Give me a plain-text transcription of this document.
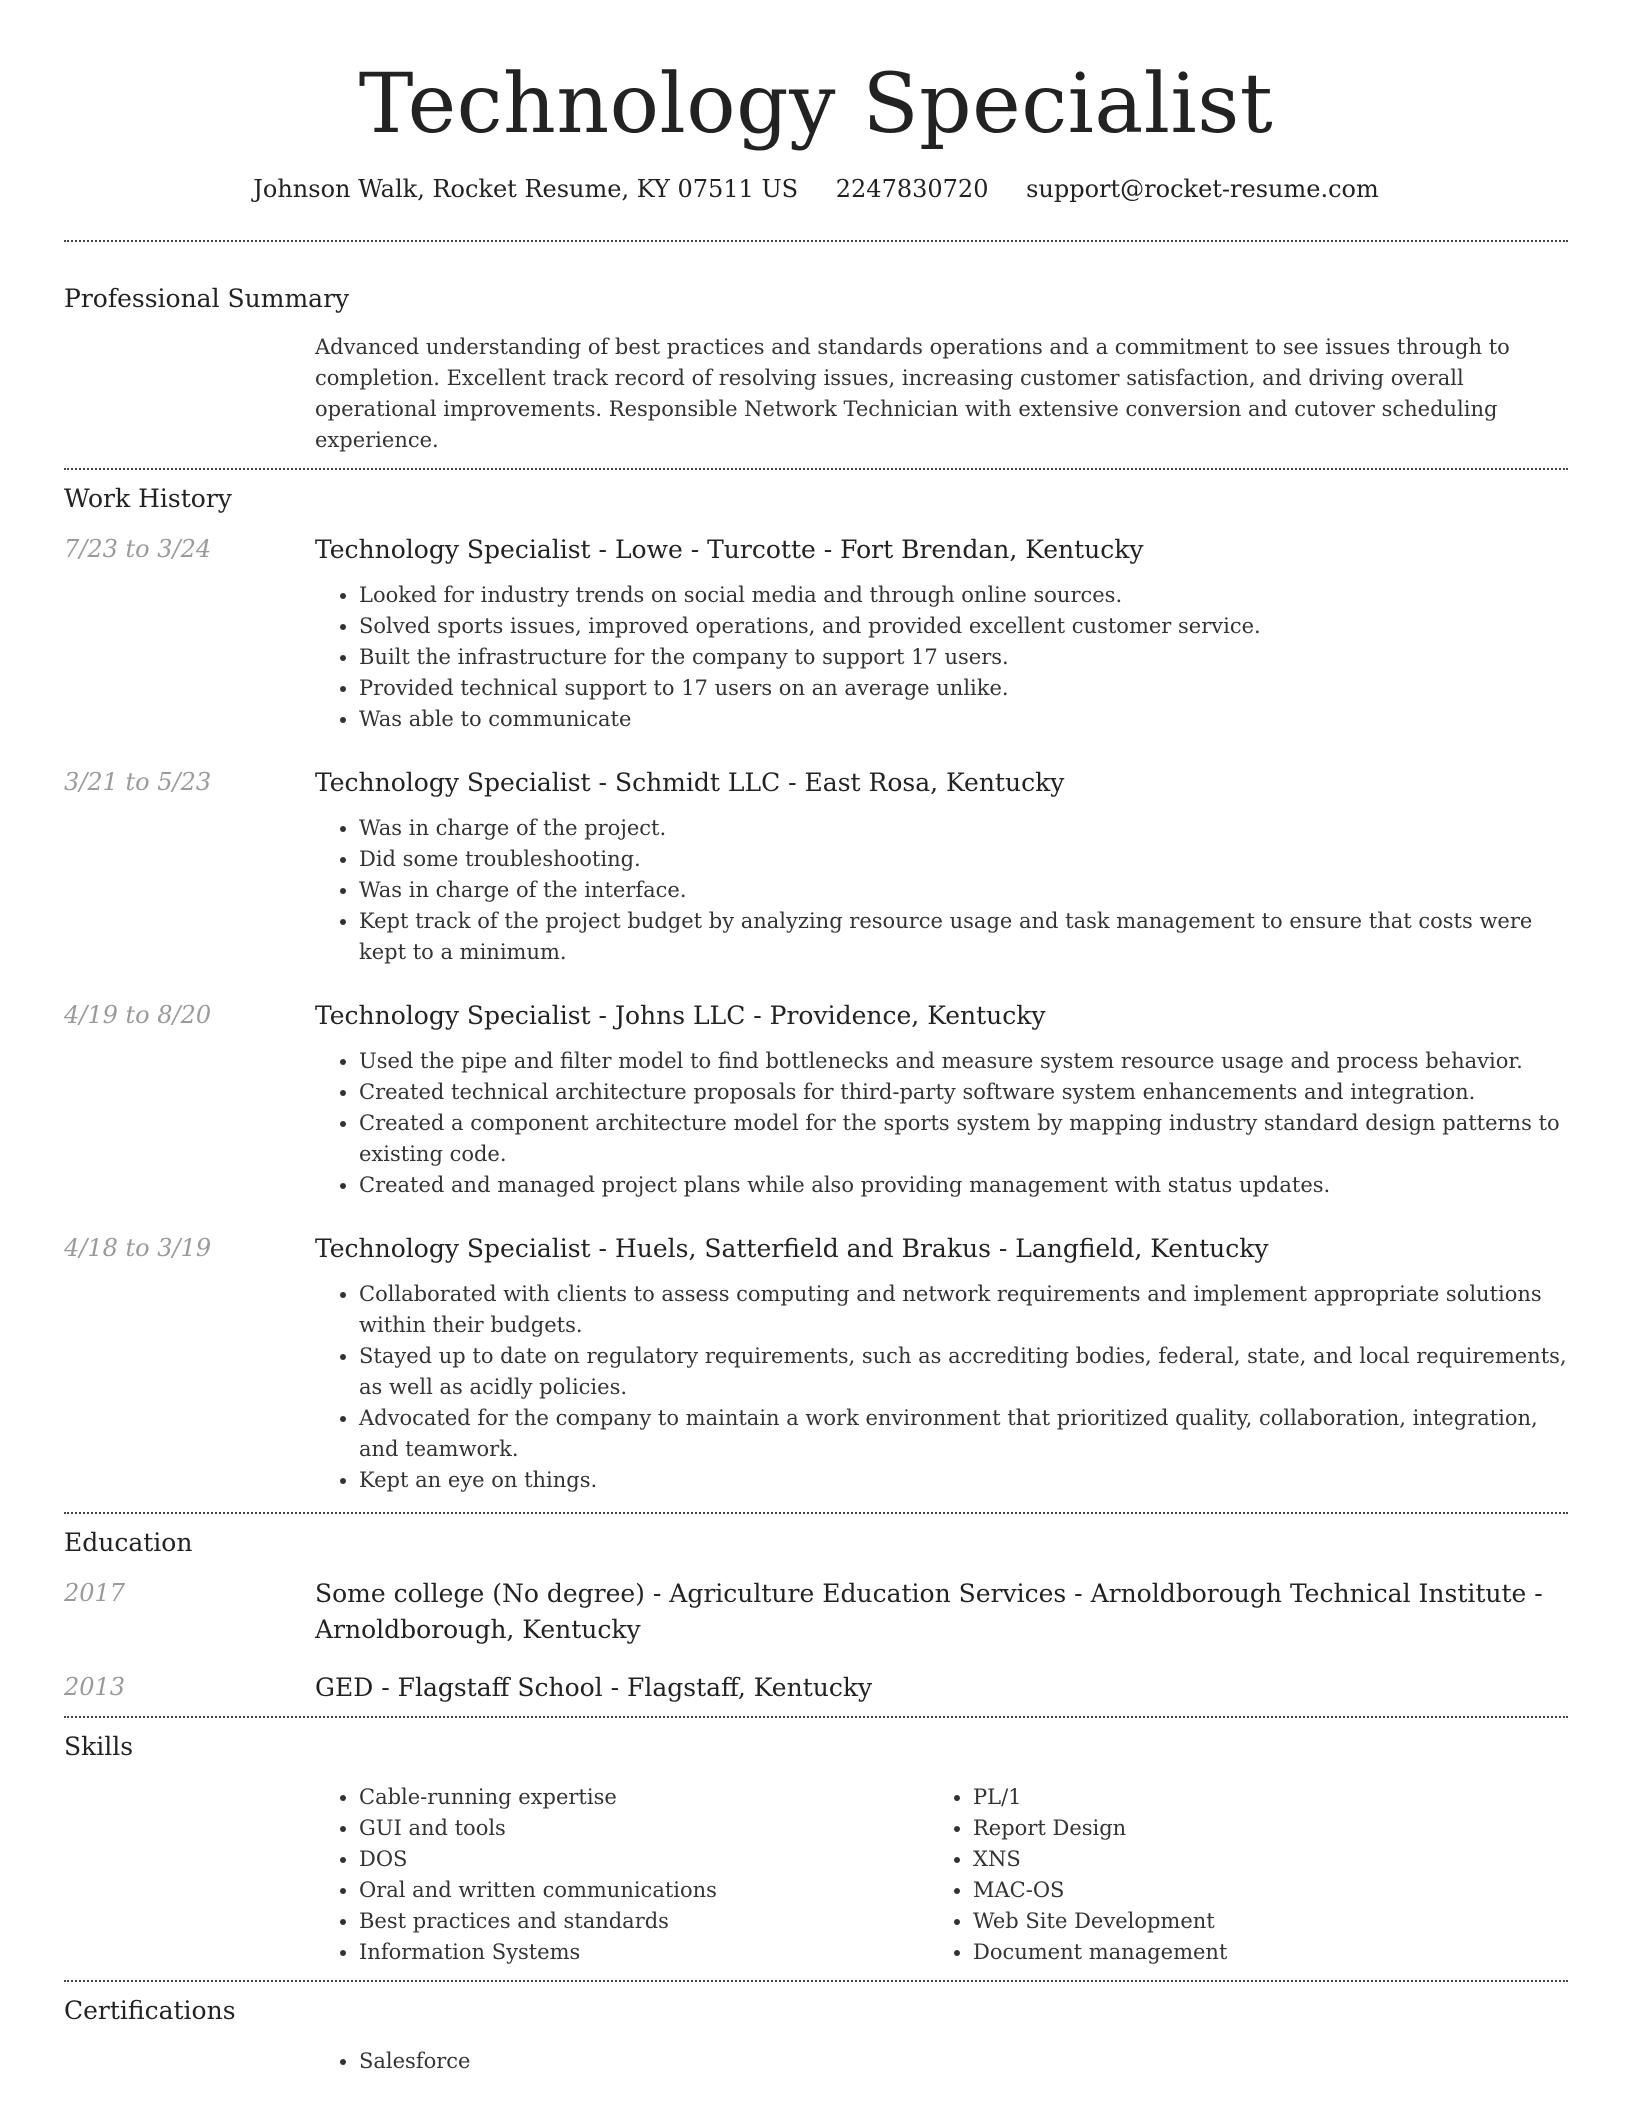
Technology Specialist
Johnson Walk, Rocket Resume, KY 07511 US 2247830720 support@rocket-resume.com
Professional Summary
Advanced understanding of best practices and standards operations and a commitment to see issues through to completion. Excellent track record of resolving issues, increasing customer satisfaction, and driving overall operational improvements. Responsible Network Technician with extensive conversion and cutover scheduling experience.
Work History
7/23 to 3/24	Technology Specialist - Lowe - Turcotte - Fort Brendan, Kentucky
• Looked for industry trends on social media and through online sources.
• Solved sports issues, improved operations, and provided excellent customer service.
• Built the infrastructure for the company to support 17 users.
• Provided technical support to 17 users on an average unlike.
• Was able to communicate
3/21 to 5/23	Technology Specialist - Schmidt LLC - East Rosa, Kentucky
• Was in charge of the project.
• Did some troubleshooting.
• Was in charge of the interface.
• Kept track of the project budget by analyzing resource usage and task management to ensure that costs were kept to a minimum.
4/19 to 8/20	Technology Specialist - Johns LLC - Providence, Kentucky
• Used the pipe and filter model to find bottlenecks and measure system resource usage and process behavior.
• Created technical architecture proposals for third-party software system enhancements and integration.
• Created a component architecture model for the sports system by mapping industry standard design patterns to existing code.
• Created and managed project plans while also providing management with status updates.
4/18 to 3/19	Technology Specialist - Huels, Satterfield and Brakus - Langfield, Kentucky
• Collaborated with clients to assess computing and network requirements and implement appropriate solutions within their budgets.
• Stayed up to date on regulatory requirements, such as accrediting bodies, federal, state, and local requirements, as well as acidly policies.
• Advocated for the company to maintain a work environment that prioritized quality, collaboration, integration, and teamwork.
• Kept an eye on things.
Education
2017	Some college (No degree) - Agriculture Education Services - Arnoldborough Technical Institute - Arnoldborough, Kentucky
2013	GED - Flagstaff School - Flagstaff, Kentucky
Skills
• Cable-running expertise
• GUI and tools
• DOS
• Oral and written communications
• Best practices and standards
• Information Systems
• PL/1
• Report Design
• XNS
• MAC-OS
• Web Site Development
• Document management
Certifications
• Salesforce
